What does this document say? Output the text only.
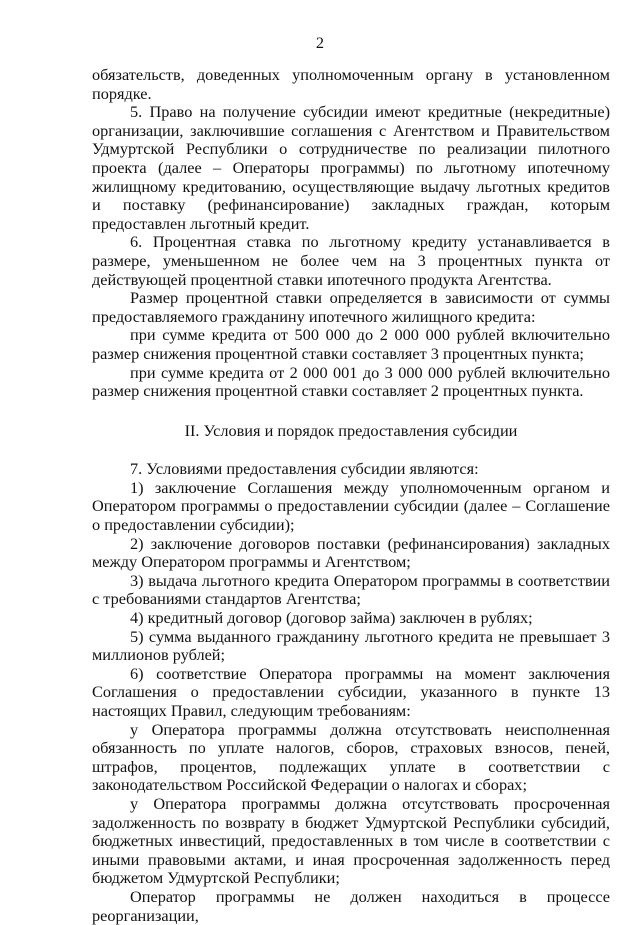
2

обязательств, доведенных уполномоченным органу в установленном порядке.

5. Право на получение субсидии имеют кредитные (некредитные) организации, заключившие соглашения с Агентством и Правительством Удмуртской Республики о сотрудничестве по реализации пилотного проекта (далее – Операторы программы) по льготному ипотечному жилищному кредитованию, осуществляющие выдачу льготных кредитов и поставку (рефинансирование) закладных граждан, которым предоставлен льготный кредит.

6. Процентная ставка по льготному кредиту устанавливается в размере, уменьшенном не более чем на 3 процентных пункта от действующей процентной ставки ипотечного продукта Агентства.

Размер процентной ставки определяется в зависимости от суммы предоставляемого гражданину ипотечного жилищного кредита:

при сумме кредита от 500 000 до 2 000 000 рублей включительно размер снижения процентной ставки составляет 3 процентных пункта;

при сумме кредита от 2 000 001 до 3 000 000 рублей включительно размер снижения процентной ставки составляет 2 процентных пункта.

II. Условия и порядок предоставления субсидии

7. Условиями предоставления субсидии являются:

1) заключение Соглашения между уполномоченным органом и Оператором программы о предоставлении субсидии (далее – Соглашение о предоставлении субсидии);

2) заключение договоров поставки (рефинансирования) закладных между Оператором программы и Агентством;

3) выдача льготного кредита Оператором программы в соответствии с требованиями стандартов Агентства;

4) кредитный договор (договор займа) заключен в рублях;

5) сумма выданного гражданину льготного кредита не превышает 3 миллионов рублей;

6) соответствие Оператора программы на момент заключения Соглашения о предоставлении субсидии, указанного в пункте 13 настоящих Правил, следующим требованиям:

у Оператора программы должна отсутствовать неисполненная обязанность по уплате налогов, сборов, страховых взносов, пеней, штрафов, процентов, подлежащих уплате в соответствии с законодательством Российской Федерации о налогах и сборах;

у Оператора программы должна отсутствовать просроченная задолженность по возврату в бюджет Удмуртской Республики субсидий, бюджетных инвестиций, предоставленных в том числе в соответствии с иными правовыми актами, и иная просроченная задолженность перед бюджетом Удмуртской Республики;

Оператор программы не должен находиться в процессе реорганизации,
